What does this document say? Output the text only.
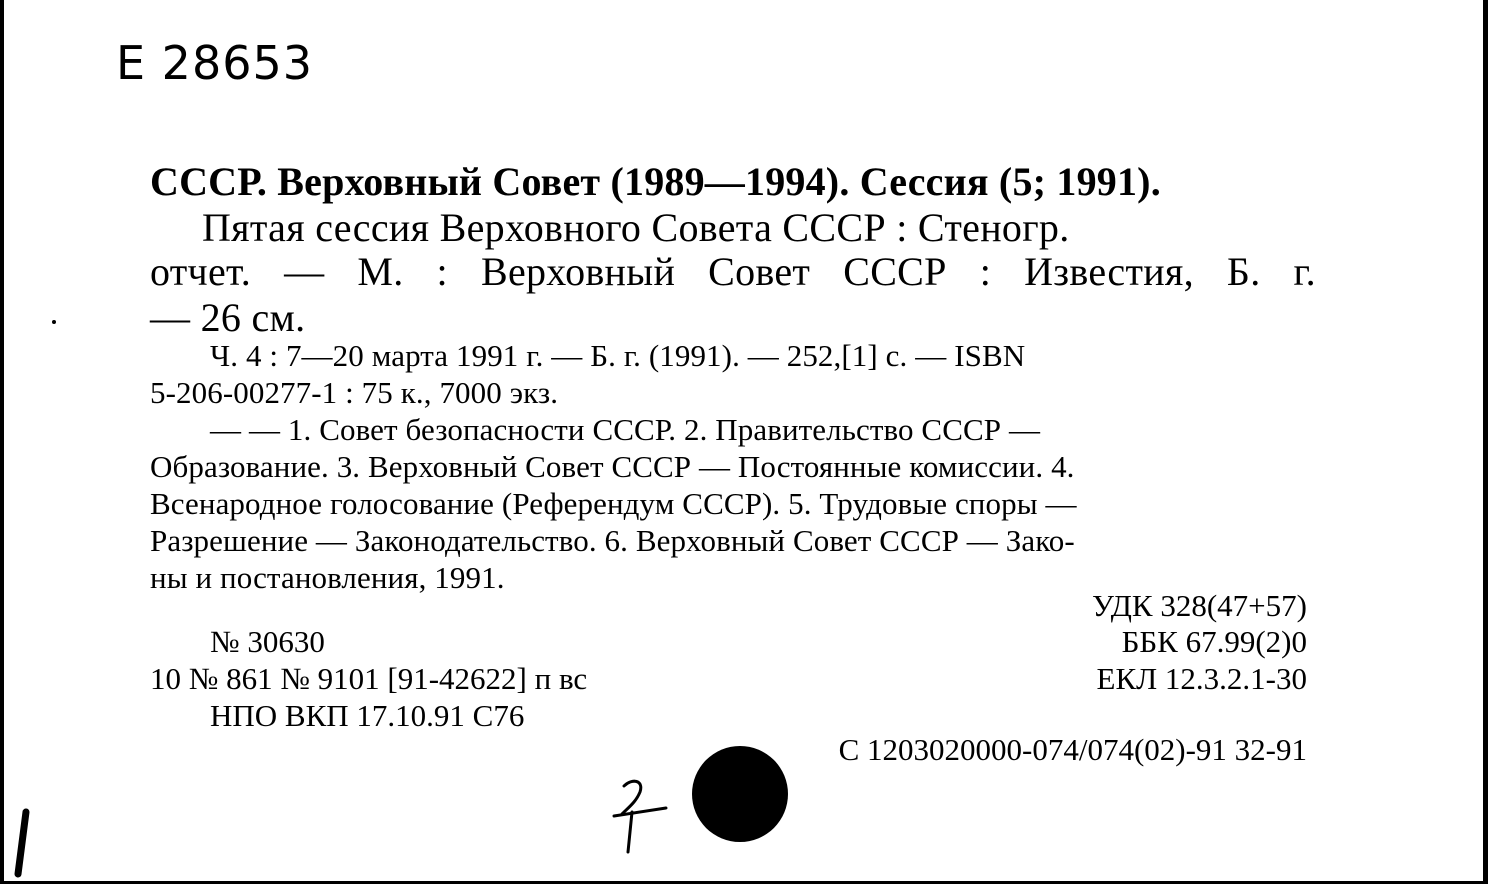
Е 28653
СССР. Верховный Совет (1989—1994). Сессия (5; 1991).
Пятая сессия Верховного Совета СССР : Стеногр.
отчет. — М. : Верховный Совет СССР : Известия, Б. г.
— 26 см.
Ч. 4 : 7—20 марта 1991 г. — Б. г. (1991). — 252,[1] с. — ISBN
5-206-00277-1 : 75 к., 7000 экз.
— — 1. Совет безопасности СССР. 2. Правительство СССР —
Образование. 3. Верховный Совет СССР — Постоянные комиссии. 4.
Всенародное голосование (Референдум СССР). 5. Трудовые споры —
Разрешение — Законодательство. 6. Верховный Совет СССР — Зако-
ны и постановления, 1991.
УДК 328(47+57)
ББК 67.99(2)0
ЕКЛ 12.3.2.1-30
№ 30630
10 № 861 № 9101 [91-42622] п вс
НПО ВКП 17.10.91 С76
С 1203020000-074/074(02)-91 32-91
